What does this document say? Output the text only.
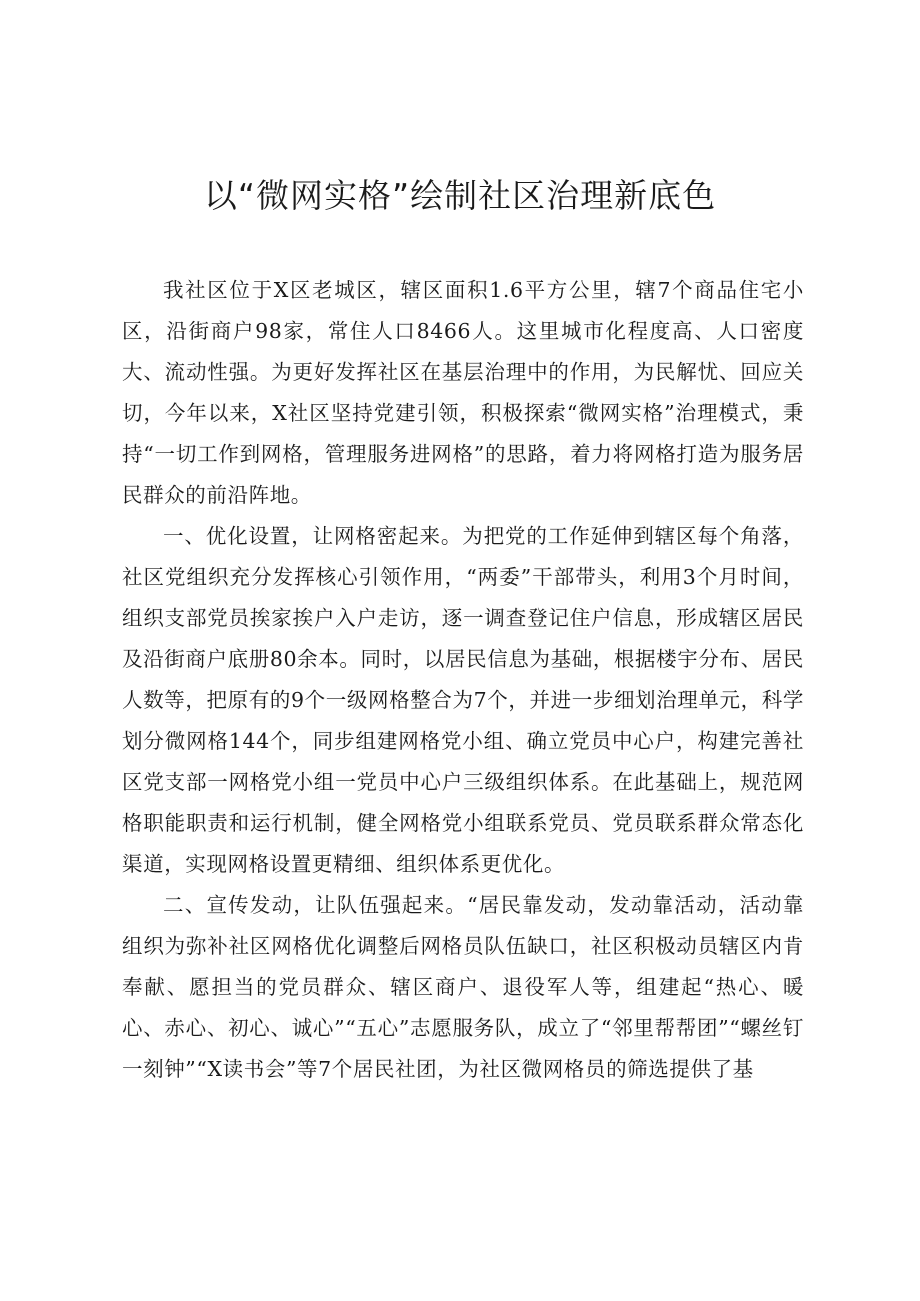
以“微网实格”绘制社区治理新底色

我社区位于X区老城区，辖区面积1.6平方公里，辖7个商品住宅小区，沿街商户98家，常住人口8466人。这里城市化程度高、人口密度大、流动性强。为更好发挥社区在基层治理中的作用，为民解忧、回应关切，今年以来，X社区坚持党建引领，积极探索“微网实格”治理模式，秉持“一切工作到网格，管理服务进网格”的思路，着力将网格打造为服务居民群众的前沿阵地。

一、优化设置，让网格密起来。为把党的工作延伸到辖区每个角落，社区党组织充分发挥核心引领作用，“两委”干部带头，利用3个月时间，组织支部党员挨家挨户入户走访，逐一调查登记住户信息，形成辖区居民及沿街商户底册80余本。同时，以居民信息为基础，根据楼宇分布、居民人数等，把原有的9个一级网格整合为7个，并进一步细划治理单元，科学划分微网格144个，同步组建网格党小组、确立党员中心户，构建完善社区党支部一网格党小组一党员中心户三级组织体系。在此基础上，规范网格职能职责和运行机制，健全网格党小组联系党员、党员联系群众常态化渠道，实现网格设置更精细、组织体系更优化。

二、宣传发动，让队伍强起来。“居民靠发动，发动靠活动，活动靠组织为弥补社区网格优化调整后网格员队伍缺口，社区积极动员辖区内肯奉献、愿担当的党员群众、辖区商户、退役军人等，组建起“热心、暖心、赤心、初心、诚心”“五心”志愿服务队，成立了“邻里帮帮团”“螺丝钉一刻钟”“X读书会”等7个居民社团，为社区微网格员的筛选提供了基
